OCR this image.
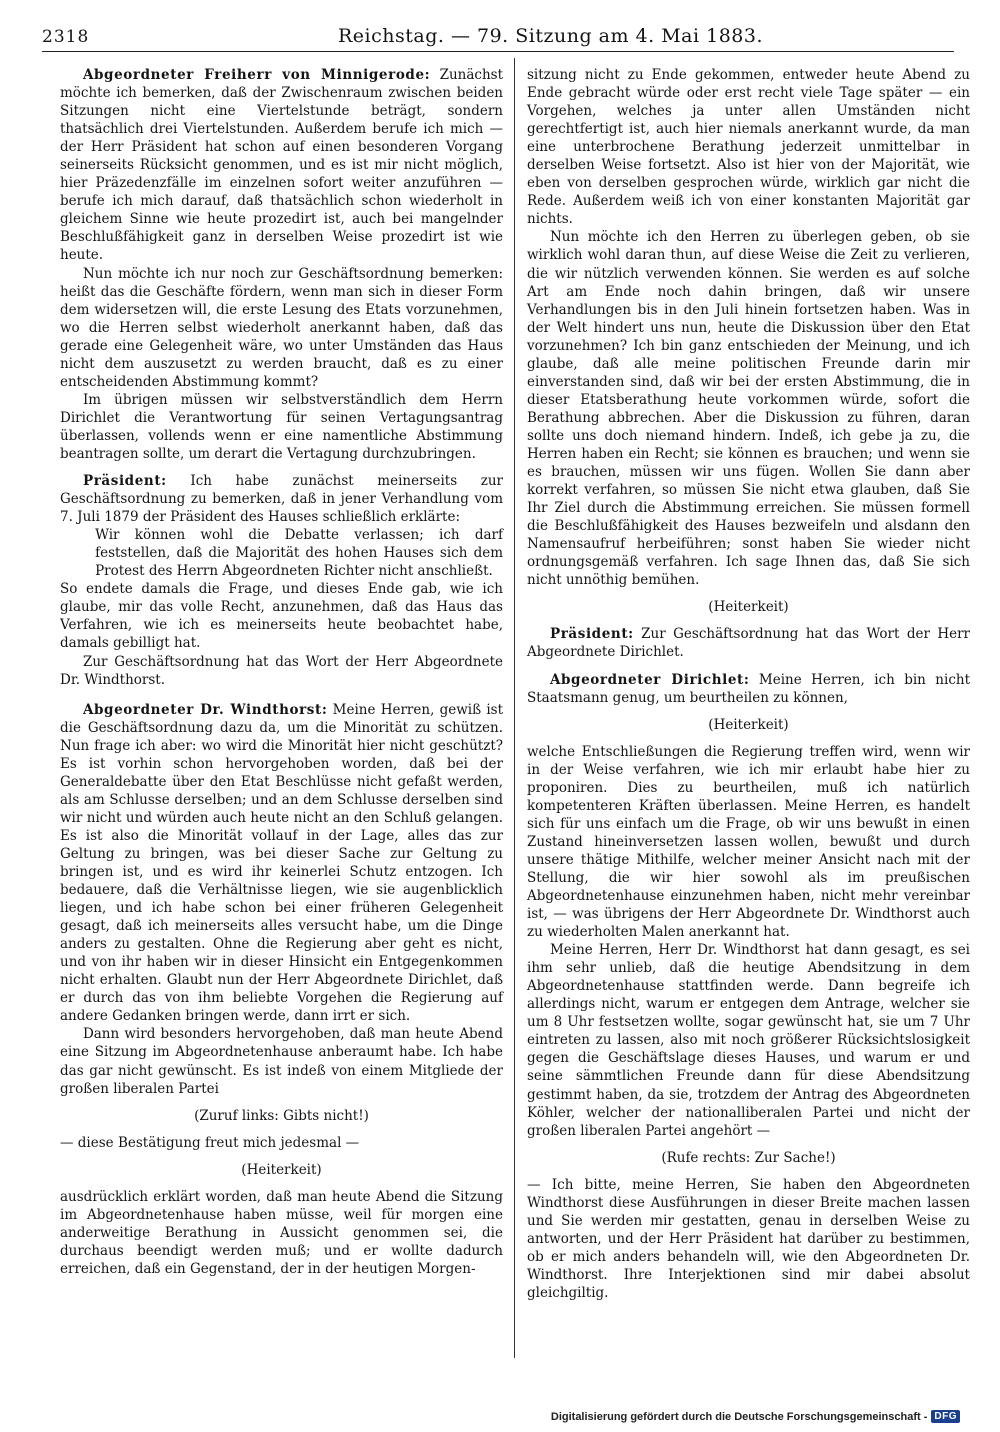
2318	Reichstag. — 79. Sitzung am 4. Mai 1883.

Abgeordneter Freiherr von Minnigerode: Zunächst möchte ich bemerken, daß der Zwischenraum zwischen beiden Sitzungen nicht eine Viertelstunde beträgt, sondern thatsächlich drei Viertelstunden. Außerdem berufe ich mich — der Herr Präsident hat schon auf einen besonderen Vorgang seinerseits Rücksicht genommen, und es ist mir nicht möglich, hier Präzedenzfälle im einzelnen sofort weiter anzuführen — berufe ich mich darauf, daß thatsächlich schon wiederholt in gleichem Sinne wie heute prozedirt ist, auch bei mangelnder Beschlußfähigkeit ganz in derselben Weise prozedirt ist wie heute.

Nun möchte ich nur noch zur Geschäftsordnung bemerken: heißt das die Geschäfte fördern, wenn man sich in dieser Form dem widersetzen will, die erste Lesung des Etats vorzunehmen, wo die Herren selbst wiederholt anerkannt haben, daß das gerade eine Gelegenheit wäre, wo unter Umständen das Haus nicht dem auszusetzt zu werden braucht, daß es zu einer entscheidenden Abstimmung kommt?

Im übrigen müssen wir selbstverständlich dem Herrn Dirichlet die Verantwortung für seinen Vertagungsantrag überlassen, vollends wenn er eine namentliche Abstimmung beantragen sollte, um derart die Vertagung durchzubringen.

Präsident: Ich habe zunächst meinerseits zur Geschäftsordnung zu bemerken, daß in jener Verhandlung vom 7. Juli 1879 der Präsident des Hauses schließlich erklärte:

Wir können wohl die Debatte verlassen; ich darf feststellen, daß die Majorität des hohen Hauses sich dem Protest des Herrn Abgeordneten Richter nicht anschließt.

So endete damals die Frage, und dieses Ende gab, wie ich glaube, mir das volle Recht, anzunehmen, daß das Haus das Verfahren, wie ich es meinerseits heute beobachtet habe, damals gebilligt hat.

Zur Geschäftsordnung hat das Wort der Herr Abgeordnete Dr. Windthorst.

Abgeordneter Dr. Windthorst: Meine Herren, gewiß ist die Geschäftsordnung dazu da, um die Minorität zu schützen. Nun frage ich aber: wo wird die Minorität hier nicht geschützt? Es ist vorhin schon hervorgehoben worden, daß bei der Generaldebatte über den Etat Beschlüsse nicht gefaßt werden, als am Schlusse derselben; und an dem Schlusse derselben sind wir nicht und würden auch heute nicht an den Schluß gelangen. Es ist also die Minorität vollauf in der Lage, alles das zur Geltung zu bringen, was bei dieser Sache zur Geltung zu bringen ist, und es wird ihr keinerlei Schutz entzogen. Ich bedauere, daß die Verhältnisse liegen, wie sie augenblicklich liegen, und ich habe schon bei einer früheren Gelegenheit gesagt, daß ich meinerseits alles versucht habe, um die Dinge anders zu gestalten. Ohne die Regierung aber geht es nicht, und von ihr haben wir in dieser Hinsicht ein Entgegenkommen nicht erhalten. Glaubt nun der Herr Abgeordnete Dirichlet, daß er durch das von ihm beliebte Vorgehen die Regierung auf andere Gedanken bringen werde, dann irrt er sich.

Dann wird besonders hervorgehoben, daß man heute Abend eine Sitzung im Abgeordnetenhause anberaumt habe. Ich habe das gar nicht gewünscht. Es ist indeß von einem Mitgliede der großen liberalen Partei

(Zuruf links: Gibts nicht!)

— diese Bestätigung freut mich jedesmal —

(Heiterkeit)

ausdrücklich erklärt worden, daß man heute Abend die Sitzung im Abgeordnetenhause haben müsse, weil für morgen eine anderweitige Berathung in Aussicht genommen sei, die durchaus beendigt werden muß; und er wollte dadurch erreichen, daß ein Gegenstand, der in der heutigen Morgen-

sitzung nicht zu Ende gekommen, entweder heute Abend zu Ende gebracht würde oder erst recht viele Tage später — ein Vorgehen, welches ja unter allen Umständen nicht gerechtfertigt ist, auch hier niemals anerkannt wurde, da man eine unterbrochene Berathung jederzeit unmittelbar in derselben Weise fortsetzt. Also ist hier von der Majorität, wie eben von derselben gesprochen würde, wirklich gar nicht die Rede. Außerdem weiß ich von einer konstanten Majorität gar nichts.

Nun möchte ich den Herren zu überlegen geben, ob sie wirklich wohl daran thun, auf diese Weise die Zeit zu verlieren, die wir nützlich verwenden können. Sie werden es auf solche Art am Ende noch dahin bringen, daß wir unsere Verhandlungen bis in den Juli hinein fortsetzen haben. Was in der Welt hindert uns nun, heute die Diskussion über den Etat vorzunehmen? Ich bin ganz entschieden der Meinung, und ich glaube, daß alle meine politischen Freunde darin mir einverstanden sind, daß wir bei der ersten Abstimmung, die in dieser Etatsberathung heute vorkommen würde, sofort die Berathung abbrechen. Aber die Diskussion zu führen, daran sollte uns doch niemand hindern. Indeß, ich gebe ja zu, die Herren haben ein Recht; sie können es brauchen; und wenn sie es brauchen, müssen wir uns fügen. Wollen Sie dann aber korrekt verfahren, so müssen Sie nicht etwa glauben, daß Sie Ihr Ziel durch die Abstimmung erreichen. Sie müssen formell die Beschlußfähigkeit des Hauses bezweifeln und alsdann den Namensaufruf herbeiführen; sonst haben Sie wieder nicht ordnungsgemäß verfahren. Ich sage Ihnen das, daß Sie sich nicht unnöthig bemühen.

(Heiterkeit)

Präsident: Zur Geschäftsordnung hat das Wort der Herr Abgeordnete Dirichlet.

Abgeordneter Dirichlet: Meine Herren, ich bin nicht Staatsmann genug, um beurtheilen zu können,

(Heiterkeit)

welche Entschließungen die Regierung treffen wird, wenn wir in der Weise verfahren, wie ich mir erlaubt habe hier zu proponiren. Dies zu beurtheilen, muß ich natürlich kompetenteren Kräften überlassen. Meine Herren, es handelt sich für uns einfach um die Frage, ob wir uns bewußt in einen Zustand hineinversetzen lassen wollen, bewußt und durch unsere thätige Mithilfe, welcher meiner Ansicht nach mit der Stellung, die wir hier sowohl als im preußischen Abgeordnetenhause einzunehmen haben, nicht mehr vereinbar ist, — was übrigens der Herr Abgeordnete Dr. Windthorst auch zu wiederholten Malen anerkannt hat.

Meine Herren, Herr Dr. Windthorst hat dann gesagt, es sei ihm sehr unlieb, daß die heutige Abendsitzung in dem Abgeordnetenhause stattfinden werde. Dann begreife ich allerdings nicht, warum er entgegen dem Antrage, welcher sie um 8 Uhr festsetzen wollte, sogar gewünscht hat, sie um 7 Uhr eintreten zu lassen, also mit noch größerer Rücksichtslosigkeit gegen die Geschäftslage dieses Hauses, und warum er und seine sämmtlichen Freunde dann für diese Abendsitzung gestimmt haben, da sie, trotzdem der Antrag des Abgeordneten Köhler, welcher der nationalliberalen Partei und nicht der großen liberalen Partei angehört —

(Rufe rechts: Zur Sache!)

— Ich bitte, meine Herren, Sie haben den Abgeordneten Windthorst diese Ausführungen in dieser Breite machen lassen und Sie werden mir gestatten, genau in derselben Weise zu antworten, und der Herr Präsident hat darüber zu bestimmen, ob er mich anders behandeln will, wie den Abgeordneten Dr. Windthorst. Ihre Interjektionen sind mir dabei absolut gleichgiltig.

Digitalisierung gefördert durch die Deutsche Forschungsgemeinschaft - DFG
